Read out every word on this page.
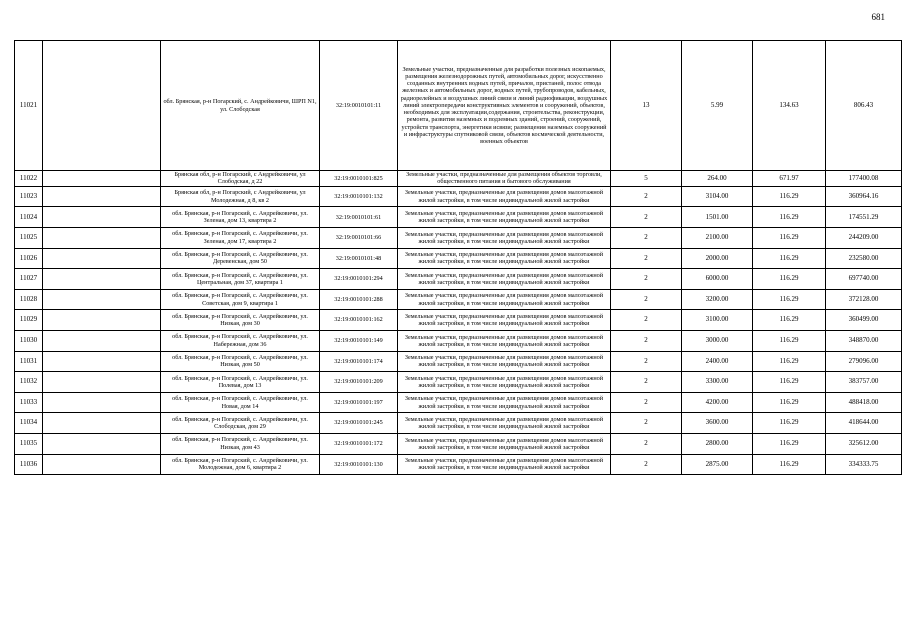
681
11021		обл. Брянская, р-н Погарский, с. Андрейковичи, ШРП N1, ул. Слободская	32:19:0010101:11	Земельные участки, предназначенные для разработки полезных ископаемых, размещения железнодорожных путей, автомобильных дорог, искусственно созданных внутренних водных путей, причалов, пристаней, полос отвода железных и автомобильных дорог, водных путей, трубопроводов, кабельных, радиорелейных и воздушных линий связи и линий радиофикации, воздушных линий электропередачи конструктивных элементов и сооружений, объектов, необходимых для эксплуатации,содержания, строительства, реконструкции, ремонта, развития наземных и подземных зданий, строений, сооружений, устройств транспорта, энергетики исвязи; размещения наземных сооружений и инфраструктуры спутниковой связи, объектов космической деятельности, военных объектов	13	5.99	134.63	806.43
11022		Брянская обл, р-н Погарский, с Андрейковичи, ул Слободская, д 22	32:19:0010101:825	Земельные участки, предназначенные для размещения объектов торговли, общественного питания и бытового обслуживания	5	264.00	671.97	177400.08
11023		Брянская обл, р-н Погарский, с Андрейковичи, ул Молодежная, д 8, кв 2	32:19:0010101:132	Земельные участки, предназначенные для размещения домов малоэтажной жилой застройки, в том числе индивидуальной жилой застройки	2	3104.00	116.29	360964.16
11024		обл. Брянская, р-н Погарский, с. Андрейковичи, ул. Зеленая, дом 13, квартира 2	32:19:0010101:61	Земельные участки, предназначенные для размещения домов малоэтажной жилой застройки, в том числе индивидуальной жилой застройки	2	1501.00	116.29	174551.29
11025		обл. Брянская, р-н Погарский, с. Андрейковичи, ул. Зеленая, дом 17, квартира 2	32:19:0010101:66	Земельные участки, предназначенные для размещения домов малоэтажной жилой застройки, в том числе индивидуальной жилой застройки	2	2100.00	116.29	244209.00
11026		обл. Брянская, р-н Погарский, с. Андрейковичи, ул. Деревенская, дом 50	32:19:0010101:48	Земельные участки, предназначенные для размещения домов малоэтажной жилой застройки, в том числе индивидуальной жилой застройки	2	2000.00	116.29	232580.00
11027		обл. Брянская, р-н Погарский, с. Андрейковичи, ул. Центральная, дом 37, квартира 1	32:19:0010101:294	Земельные участки, предназначенные для размещения домов малоэтажной жилой застройки, в том числе индивидуальной жилой застройки	2	6000.00	116.29	697740.00
11028		обл. Брянская, р-н Погарский, с. Андрейковичи, ул. Советская, дом 9, квартира 1	32:19:0010101:288	Земельные участки, предназначенные для размещения домов малоэтажной жилой застройки, в том числе индивидуальной жилой застройки	2	3200.00	116.29	372128.00
11029		обл. Брянская, р-н Погарский, с. Андрейковичи, ул. Низкая, дом 30	32:19:0010101:162	Земельные участки, предназначенные для размещения домов малоэтажной жилой застройки, в том числе индивидуальной жилой застройки	2	3100.00	116.29	360499.00
11030		обл. Брянская, р-н Погарский, с. Андрейковичи, ул. Набережная, дом 36	32:19:0010101:149	Земельные участки, предназначенные для размещения домов малоэтажной жилой застройки, в том числе индивидуальной жилой застройки	2	3000.00	116.29	348870.00
11031		обл. Брянская, р-н Погарский, с. Андрейковичи, ул. Низкая, дом 50	32:19:0010101:174	Земельные участки, предназначенные для размещения домов малоэтажной жилой застройки, в том числе индивидуальной жилой застройки	2	2400.00	116.29	279096.00
11032		обл. Брянская, р-н Погарский, с. Андрейковичи, ул. Полевая, дом 13	32:19:0010101:209	Земельные участки, предназначенные для размещения домов малоэтажной жилой застройки, в том числе индивидуальной жилой застройки	2	3300.00	116.29	383757.00
11033		обл. Брянская, р-н Погарский, с. Андрейковичи, ул. Новая, дом 14	32:19:0010101:197	Земельные участки, предназначенные для размещения домов малоэтажной жилой застройки, в том числе индивидуальной жилой застройки	2	4200.00	116.29	488418.00
11034		обл. Брянская, р-н Погарский, с. Андрейковичи, ул. Слободская, дом 29	32:19:0010101:245	Земельные участки, предназначенные для размещения домов малоэтажной жилой застройки, в том числе индивидуальной жилой застройки	2	3600.00	116.29	418644.00
11035		обл. Брянская, р-н Погарский, с. Андрейковичи, ул. Низкая, дом 43	32:19:0010101:172	Земельные участки, предназначенные для размещения домов малоэтажной жилой застройки, в том числе индивидуальной жилой застройки	2	2800.00	116.29	325612.00
11036		обл. Брянская, р-н Погарский, с. Андрейковичи, ул. Молодежная, дом 6, квартира 2	32:19:0010101:130	Земельные участки, предназначенные для размещения домов малоэтажной жилой застройки, в том числе индивидуальной жилой застройки	2	2875.00	116.29	334333.75
